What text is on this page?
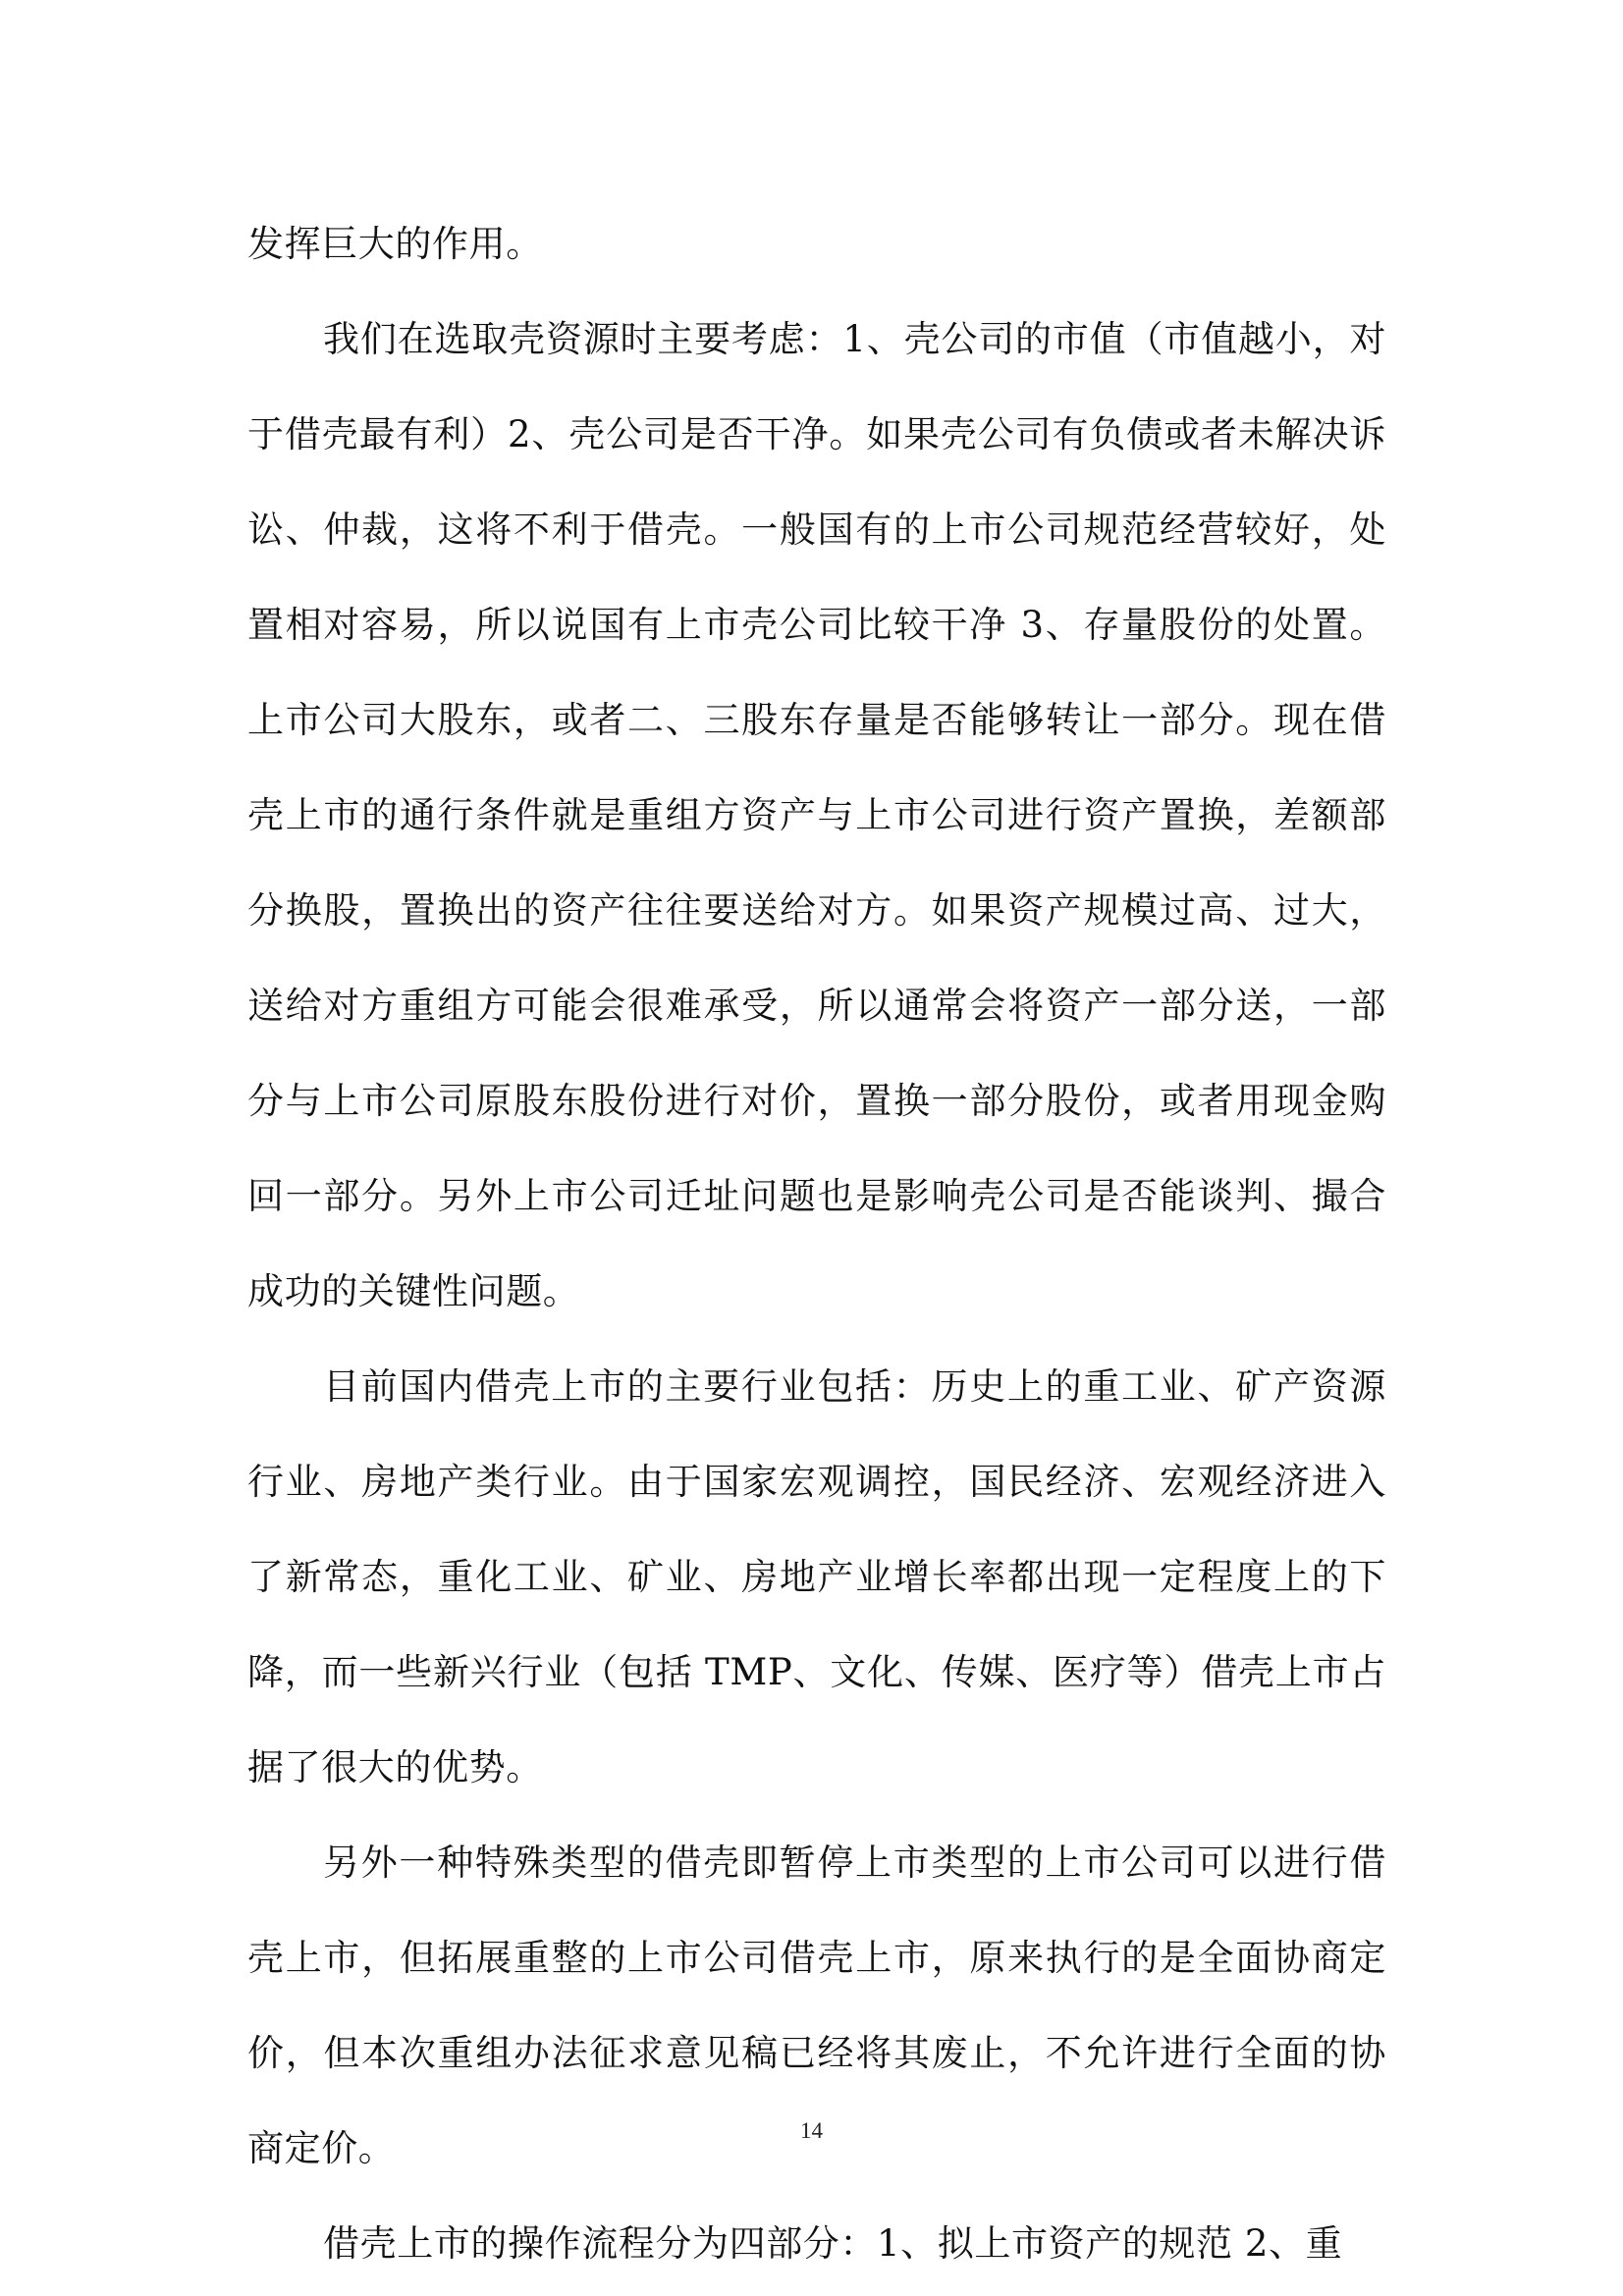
发挥巨大的作用。

我们在选取壳资源时主要考虑：1、壳公司的市值（市值越小，对于借壳最有利）2、壳公司是否干净。如果壳公司有负债或者未解决诉讼、仲裁，这将不利于借壳。一般国有的上市公司规范经营较好，处置相对容易，所以说国有上市壳公司比较干净 3、存量股份的处置。上市公司大股东，或者二、三股东存量是否能够转让一部分。现在借壳上市的通行条件就是重组方资产与上市公司进行资产置换，差额部分换股，置换出的资产往往要送给对方。如果资产规模过高、过大，送给对方重组方可能会很难承受，所以通常会将资产一部分送，一部分与上市公司原股东股份进行对价，置换一部分股份，或者用现金购回一部分。另外上市公司迁址问题也是影响壳公司是否能谈判、撮合成功的关键性问题。

目前国内借壳上市的主要行业包括：历史上的重工业、矿产资源行业、房地产类行业。由于国家宏观调控，国民经济、宏观经济进入了新常态，重化工业、矿业、房地产业增长率都出现一定程度上的下降，而一些新兴行业（包括 TMP、文化、传媒、医疗等）借壳上市占据了很大的优势。

另外一种特殊类型的借壳即暂停上市类型的上市公司可以进行借壳上市，但拓展重整的上市公司借壳上市，原来执行的是全面协商定价，但本次重组办法征求意见稿已经将其废止，不允许进行全面的协商定价。

借壳上市的操作流程分为四部分：1、拟上市资产的规范 2、重

14
